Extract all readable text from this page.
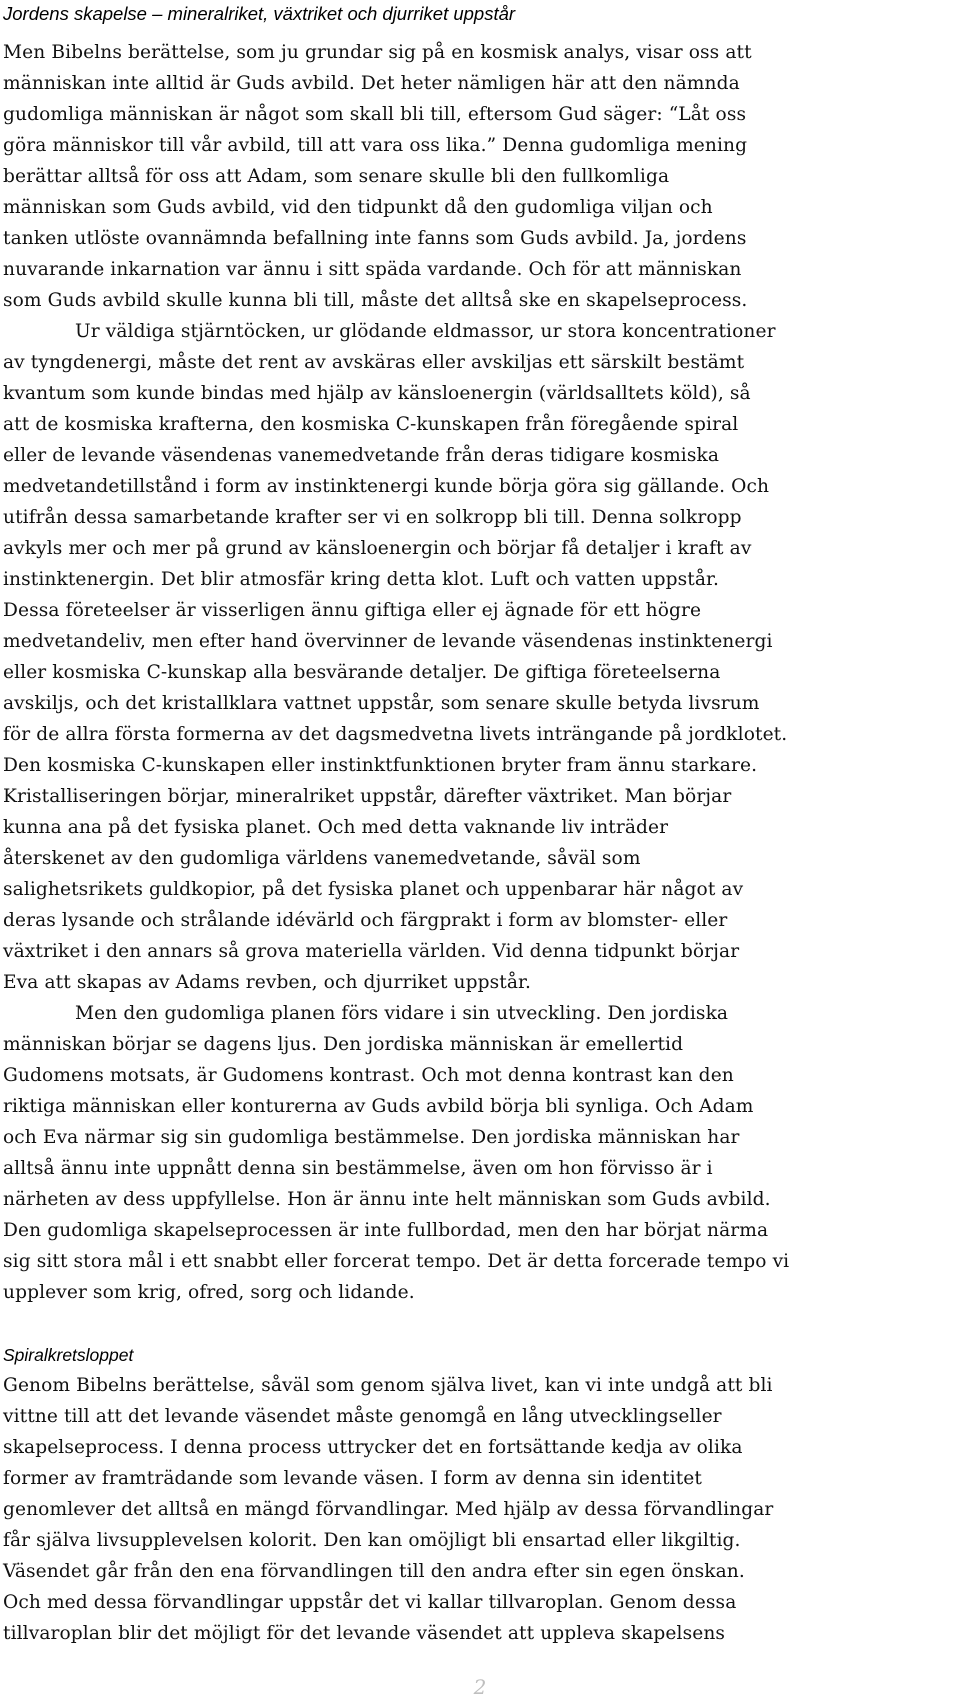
Jordens skapelse – mineralriket, växtriket och djurriket uppstår
Men Bibelns berättelse, som ju grundar sig på en kosmisk analys, visar oss att
människan inte alltid är Guds avbild. Det heter nämligen här att den nämnda
gudomliga människan är något som skall bli till, eftersom Gud säger: “Låt oss
göra människor till vår avbild, till att vara oss lika.” Denna gudomliga mening
berättar alltså för oss att Adam, som senare skulle bli den fullkomliga
människan som Guds avbild, vid den tidpunkt då den gudomliga viljan och
tanken utlöste ovannämnda befallning inte fanns som Guds avbild. Ja, jordens
nuvarande inkarnation var ännu i sitt späda vardande. Och för att människan
som Guds avbild skulle kunna bli till, måste det alltså ske en skapelseprocess.
Ur väldiga stjärntöcken, ur glödande eldmassor, ur stora koncentrationer
av tyngdenergi, måste det rent av avskäras eller avskiljas ett särskilt bestämt
kvantum som kunde bindas med hjälp av känsloenergin (världsalltets köld), så
att de kosmiska krafterna, den kosmiska C-kunskapen från föregående spiral
eller de levande väsendenas vanemedvetande från deras tidigare kosmiska
medvetandetillstånd i form av instinktenergi kunde börja göra sig gällande. Och
utifrån dessa samarbetande krafter ser vi en solkropp bli till. Denna solkropp
avkyls mer och mer på grund av känsloenergin och börjar få detaljer i kraft av
instinktenergin. Det blir atmosfär kring detta klot. Luft och vatten uppstår.
Dessa företeelser är visserligen ännu giftiga eller ej ägnade för ett högre
medvetandeliv, men efter hand övervinner de levande väsendenas instinktenergi
eller kosmiska C-kunskap alla besvärande detaljer. De giftiga företeelserna
avskiljs, och det kristallklara vattnet uppstår, som senare skulle betyda livsrum
för de allra första formerna av det dagsmedvetna livets inträngande på jordklotet.
Den kosmiska C-kunskapen eller instinktfunktionen bryter fram ännu starkare.
Kristalliseringen börjar, mineralriket uppstår, därefter växtriket. Man börjar
kunna ana på det fysiska planet. Och med detta vaknande liv inträder
återskenet av den gudomliga världens vanemedvetande, såväl som
salighetsrikets guldkopior, på det fysiska planet och uppenbarar här något av
deras lysande och strålande idévärld och färgprakt i form av blomster- eller
växtriket i den annars så grova materiella världen. Vid denna tidpunkt börjar
Eva att skapas av Adams revben, och djurriket uppstår.
Men den gudomliga planen förs vidare i sin utveckling. Den jordiska
människan börjar se dagens ljus. Den jordiska människan är emellertid
Gudomens motsats, är Gudomens kontrast. Och mot denna kontrast kan den
riktiga människan eller konturerna av Guds avbild börja bli synliga. Och Adam
och Eva närmar sig sin gudomliga bestämmelse. Den jordiska människan har
alltså ännu inte uppnått denna sin bestämmelse, även om hon förvisso är i
närheten av dess uppfyllelse. Hon är ännu inte helt människan som Guds avbild.
Den gudomliga skapelseprocessen är inte fullbordad, men den har börjat närma
sig sitt stora mål i ett snabbt eller forcerat tempo. Det är detta forcerade tempo vi
upplever som krig, ofred, sorg och lidande.
Spiralkretsloppet
Genom Bibelns berättelse, såväl som genom själva livet, kan vi inte undgå att bli
vittne till att det levande väsendet måste genomgå en lång utvecklingseller
skapelseprocess. I denna process uttrycker det en fortsättande kedja av olika
former av framträdande som levande väsen. I form av denna sin identitet
genomlever det alltså en mängd förvandlingar. Med hjälp av dessa förvandlingar
får själva livsupplevelsen kolorit. Den kan omöjligt bli ensartad eller likgiltig.
Väsendet går från den ena förvandlingen till den andra efter sin egen önskan.
Och med dessa förvandlingar uppstår det vi kallar tillvaroplan. Genom dessa
tillvaroplan blir det möjligt för det levande väsendet att uppleva skapelsens
2
